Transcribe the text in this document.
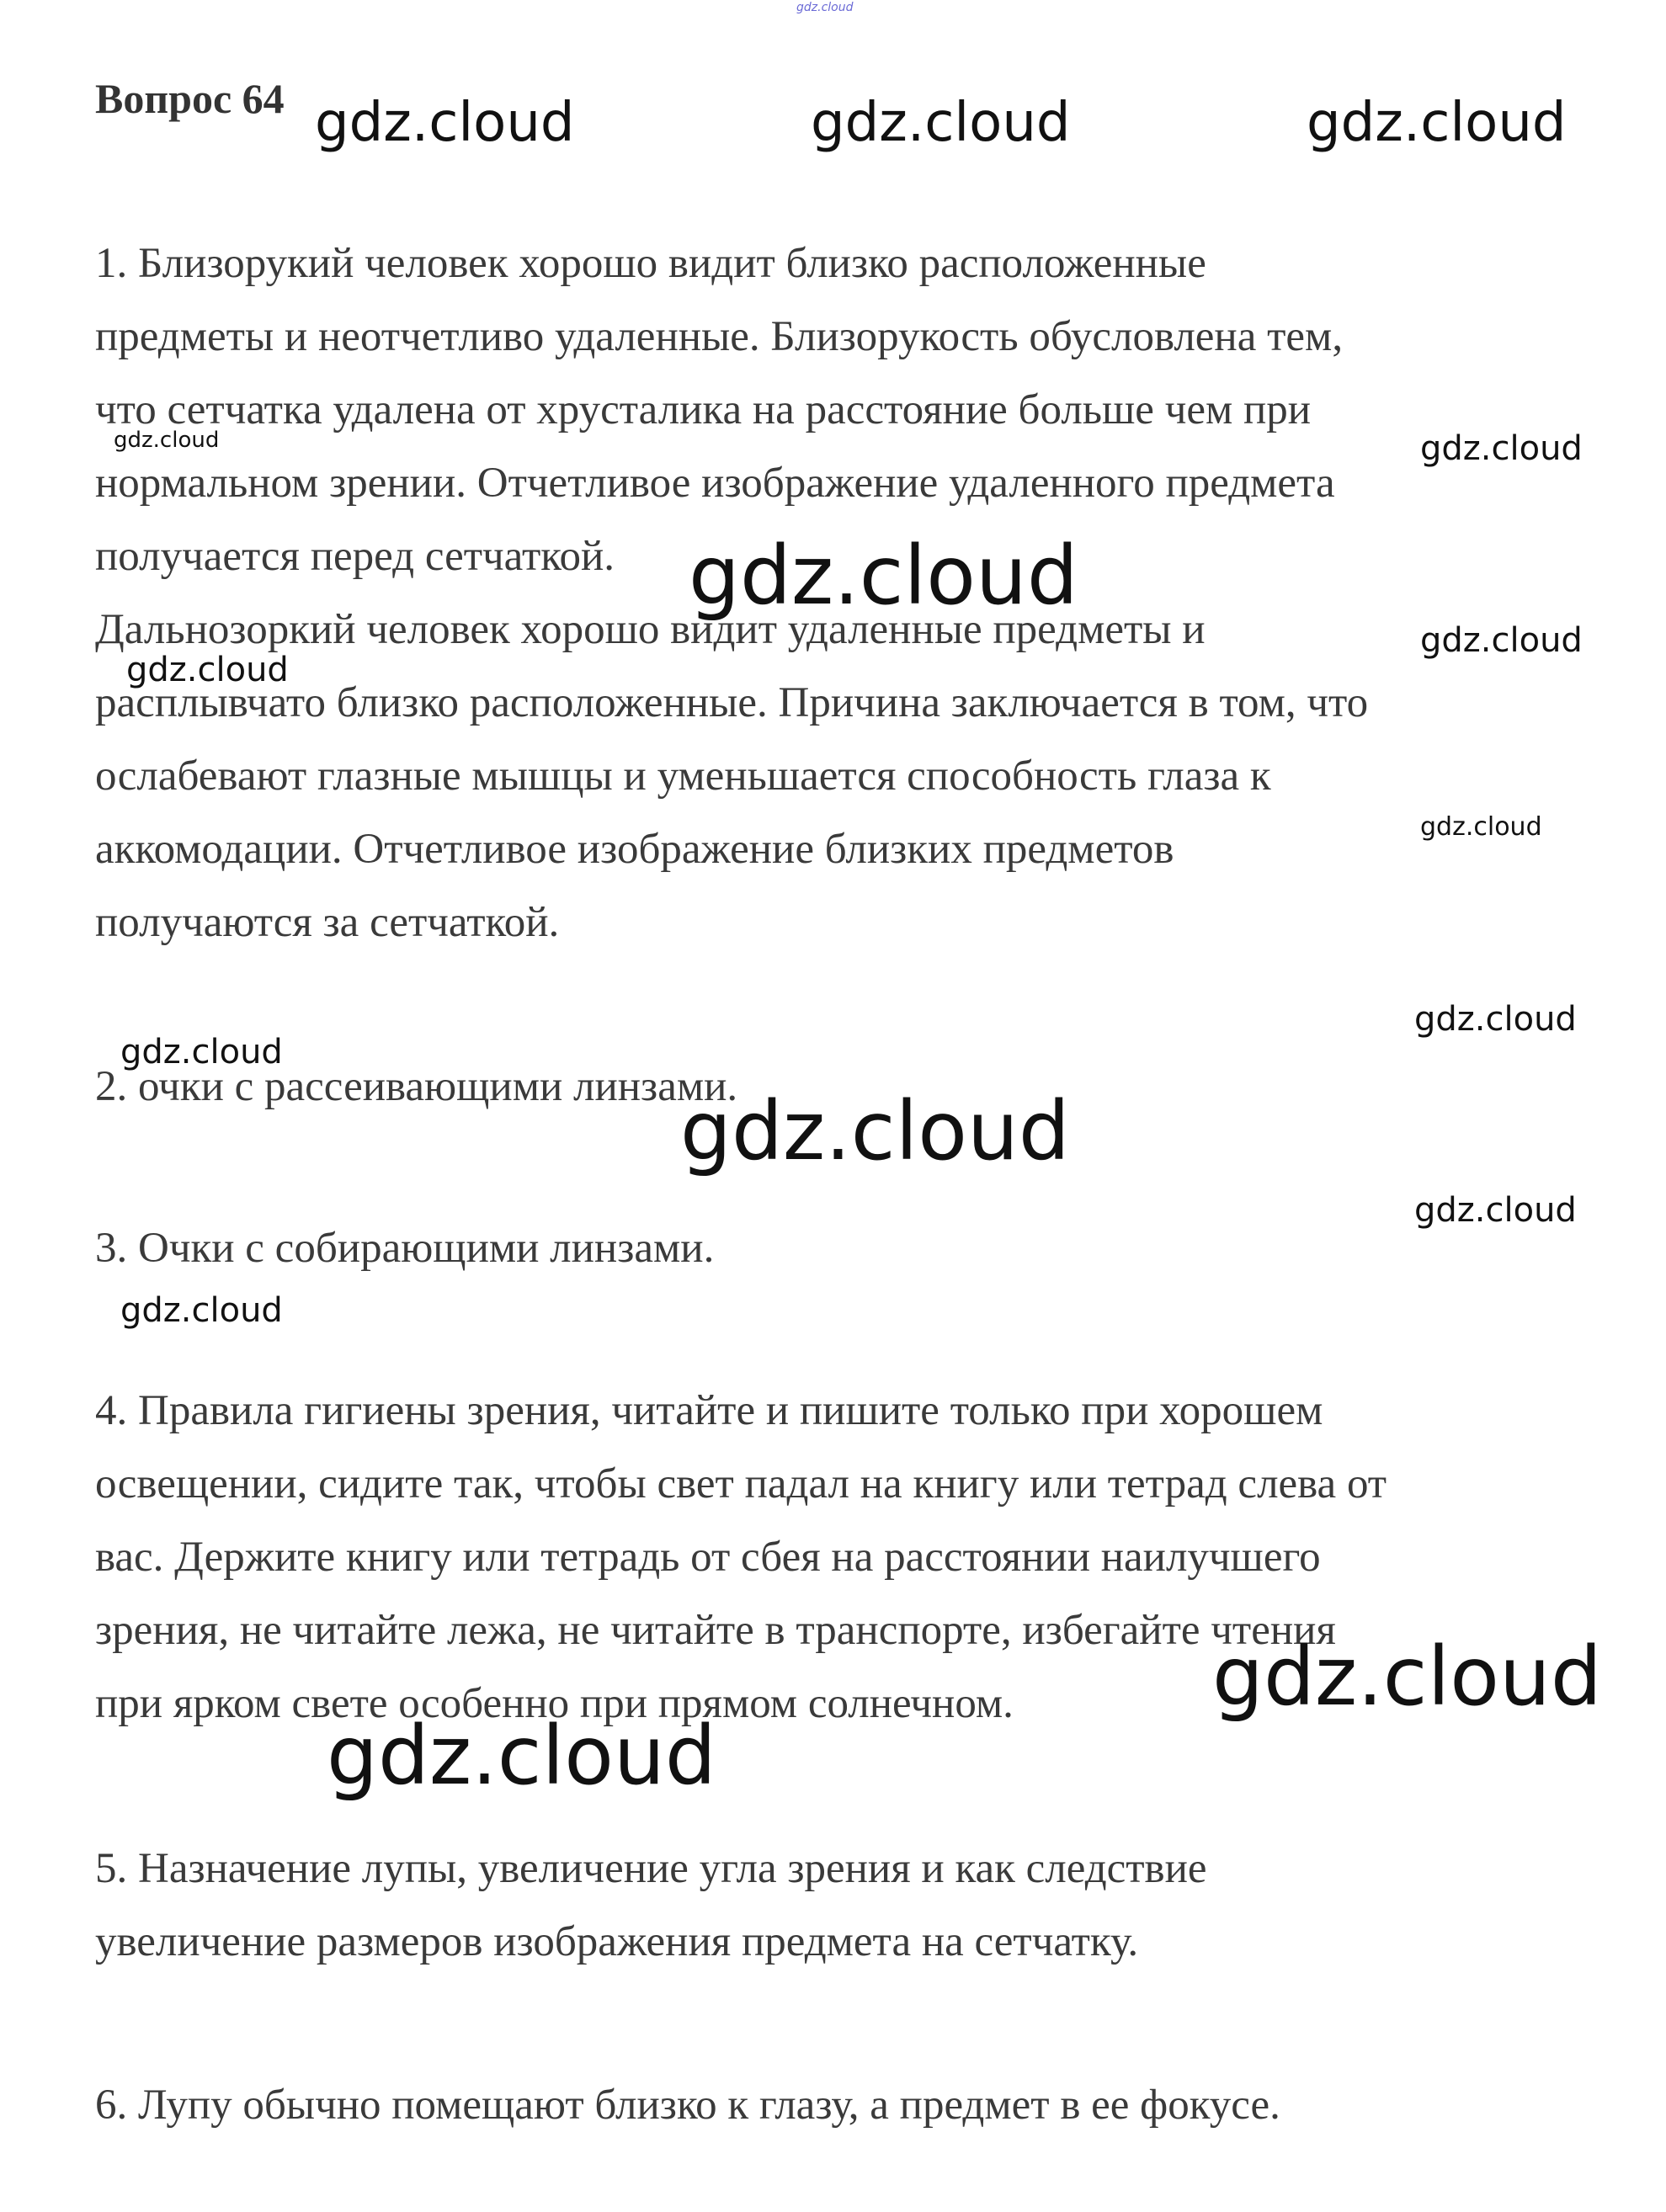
gdz.cloud
Вопрос 64

1. Близорукий человек хорошо видит близко расположенные
предметы и неотчетливо удаленные. Близорукость обусловлена тем,
что сетчатка удалена от хрусталика на расстояние больше чем при
нормальном зрении. Отчетливое изображение удаленного предмета
получается перед сетчаткой.
Дальнозоркий человек хорошо видит удаленные предметы и
расплывчато близко расположенные. Причина заключается в том, что
ослабевают глазные мышцы и уменьшается способность глаза к
аккомодации. Отчетливое изображение близких предметов
получаются за сетчаткой.

2. очки с рассеивающими линзами.

3. Очки с собирающими линзами.

4. Правила гигиены зрения, читайте и пишите только при хорошем
освещении, сидите так, чтобы свет падал на книгу или тетрад слева от
вас. Держите книгу или тетрадь от сбея на расстоянии наилучшего
зрения, не читайте лежа, не читайте в транспорте, избегайте чтения
при ярком свете особенно при прямом солнечном.

5. Назначение лупы, увеличение угла зрения и как следствие
увеличение размеров изображения предмета на сетчатку.

6. Лупу обычно помещают близко к глазу, а предмет в ее фокусе.

gdz.cloud	gdz.cloud	gdz.cloud
gdz.cloud	gdz.cloud
gdz.cloud
gdz.cloud
gdz.cloud
gdz.cloud
gdz.cloud
gdz.cloud
gdz.cloud
gdz.cloud
gdz.cloud
gdz.cloud
gdz.cloud
